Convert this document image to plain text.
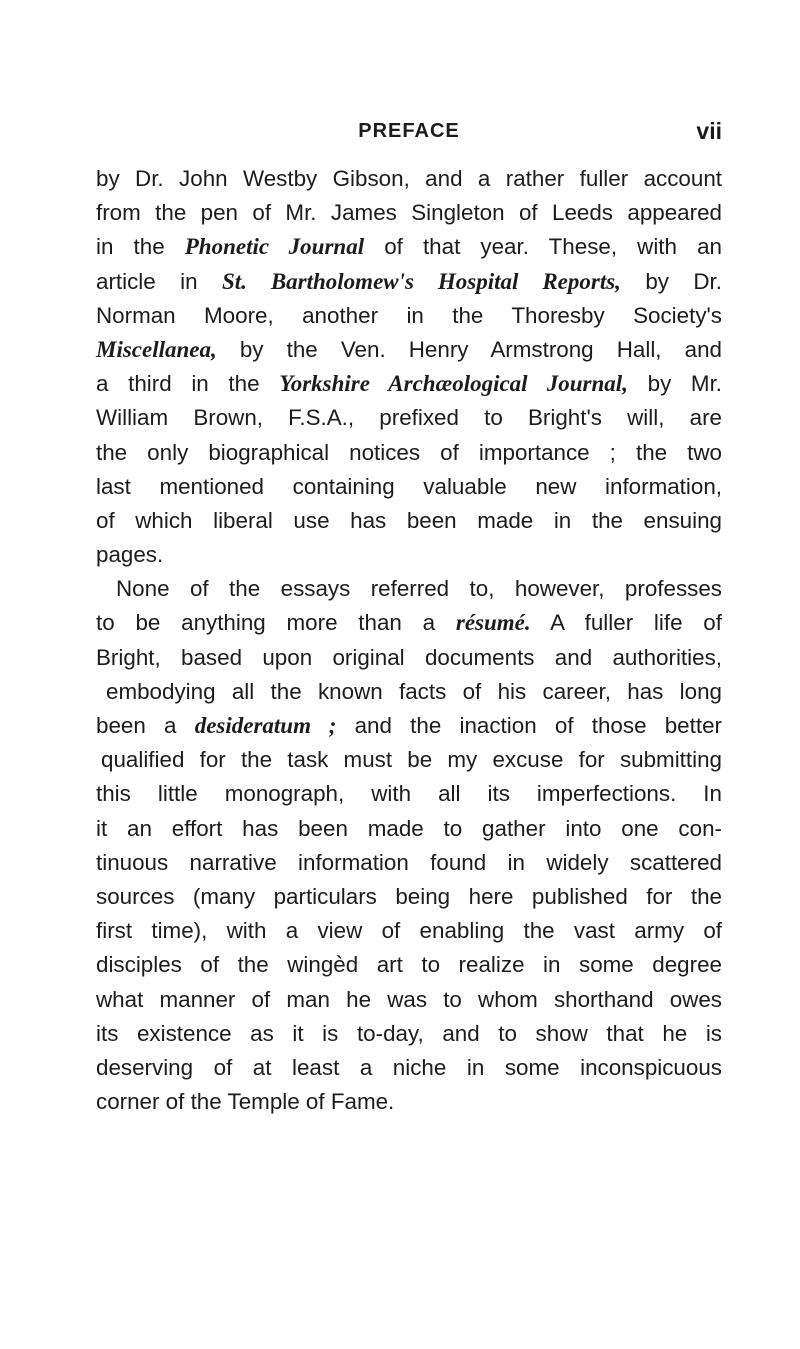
PREFACE	vii
by Dr. John Westby Gibson, and a rather fuller account
from the pen of Mr. James Singleton of Leeds appeared
in the Phonetic Journal of that year. These, with an
article in St. Bartholomew's Hospital Reports, by Dr.
Norman Moore, another in the Thoresby Society's
Miscellanea, by the Ven. Henry Armstrong Hall, and
a third in the Yorkshire Archæological Journal, by Mr.
William Brown, F.S.A., prefixed to Bright's will, are
the only biographical notices of importance ; the two
last mentioned containing valuable new information,
of which liberal use has been made in the ensuing
pages.
None of the essays referred to, however, professes
to be anything more than a résumé. A fuller life of
Bright, based upon original documents and authorities,
embodying all the known facts of his career, has long
been a desideratum ; and the inaction of those better
qualified for the task must be my excuse for submitting
this little monograph, with all its imperfections. In
it an effort has been made to gather into one con-
tinuous narrative information found in widely scattered
sources (many particulars being here published for the
first time), with a view of enabling the vast army of
disciples of the wingèd art to realize in some degree
what manner of man he was to whom shorthand owes
its existence as it is to-day, and to show that he is
deserving of at least a niche in some inconspicuous
corner of the Temple of Fame.
